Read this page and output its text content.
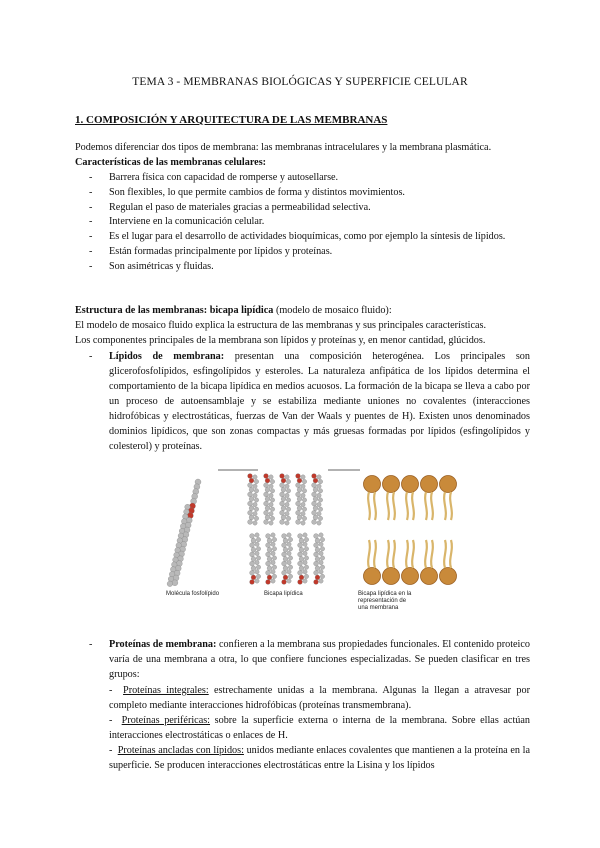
TEMA 3 - MEMBRANAS BIOLÓGICAS Y SUPERFICIE CELULAR
1. COMPOSICIÓN Y ARQUITECTURA DE LAS MEMBRANAS
Podemos diferenciar dos tipos de membrana: las membranas intracelulares y la membrana plasmática.
Características de las membranas celulares:
- Barrera física con capacidad de romperse y autosellarse.
- Son flexibles, lo que permite cambios de forma y distintos movimientos.
- Regulan el paso de materiales gracias a permeabilidad selectiva.
- Interviene en la comunicación celular.
- Es el lugar para el desarrollo de actividades bioquímicas, como por ejemplo la síntesis de lípidos.
- Están formadas principalmente por lípidos y proteínas.
- Son asimétricas y fluidas.
Estructura de las membranas: bicapa lipídica (modelo de mosaico fluido):
El modelo de mosaico fluido explica la estructura de las membranas y sus principales características.
Los componentes principales de la membrana son lípidos y proteínas y, en menor cantidad, glúcidos.
- Lípidos de membrana: presentan una composición heterogénea. Los principales son glicerofosfolípidos, esfingolípidos y esteroles. La naturaleza anfipática de los lípidos determina el comportamiento de la bicapa lipídica en medios acuosos. La formación de la bicapa se lleva a cabo por un proceso de autoensamblaje y se estabiliza mediante uniones no covalentes (interacciones hidrofóbicas y electrostáticas, fuerzas de Van der Waals y puentes de H). Existen unos denominados dominios lipídicos, que son zonas compactas y más gruesas formadas por lípidos (esfingolípidos y colesterol) y proteínas.
Molécula fosfolípido	Bicapa lipídica	Bicapa lipídica en la
representación de
una membrana
- Proteínas de membrana: confieren a la membrana sus propiedades funcionales. El contenido proteico varía de una membrana a otra, lo que confiere funciones especializadas. Se pueden clasificar en tres grupos:
-  Proteínas integrales: estrechamente unidas a la membrana. Algunas la llegan a atravesar por completo mediante interacciones hidrofóbicas (proteínas transmembrana).
-  Proteínas periféricas: sobre la superficie externa o interna de la membrana. Sobre ellas actúan interacciones electrostáticas o enlaces de H.
-  Proteínas ancladas con lípidos: unidos mediante enlaces covalentes que mantienen a la proteína en la superficie. Se producen interacciones electrostáticas entre la Lisina y los lípidos
